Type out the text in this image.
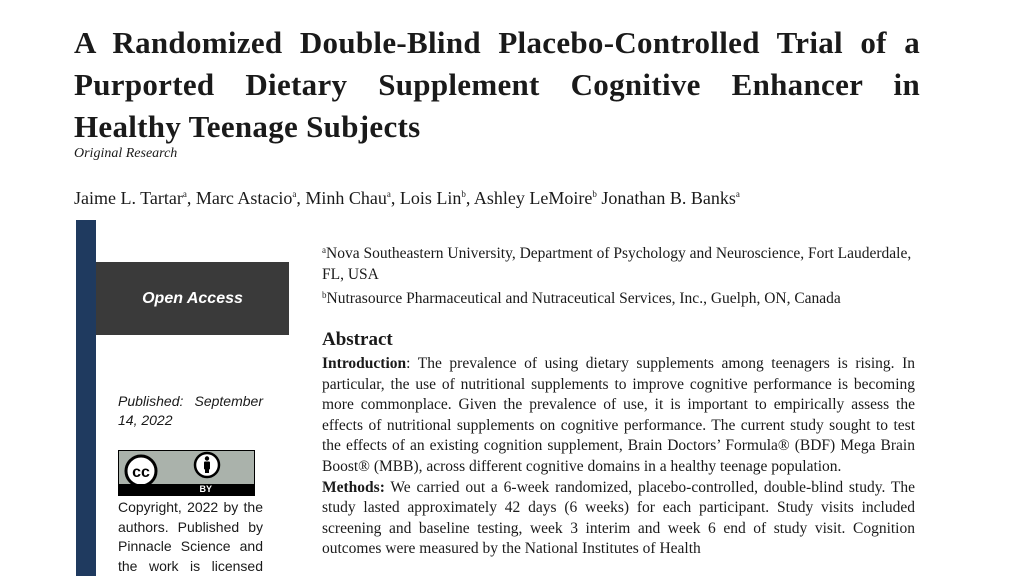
A Randomized Double-Blind Placebo-Controlled Trial of a Purported Dietary Supplement Cognitive Enhancer in Healthy Teenage Subjects
Original Research
Jaime L. Tartar$^a$, Marc Astacio$^a$, Minh Chau$^a$, Lois Lin$^b$, Ashley LeMoire$^b$ Jonathan B. Banks$^a$
Open Access
Published: September 14, 2022
cc
BY
Copyright, 2022 by the authors. Published by Pinnacle Science and the work is licensed

$^a$Nova Southeastern University, Department of Psychology and Neuroscience, Fort Lauderdale, FL, USA

$^b$Nutrasource Pharmaceutical and Nutraceutical Services, Inc., Guelph, ON, Canada

Abstract

Introduction: The prevalence of using dietary supplements among teenagers is rising. In particular, the use of nutritional supplements to improve cognitive performance is becoming more commonplace. Given the prevalence of use, it is important to empirically assess the effects of nutritional supplements on cognitive performance. The current study sought to test the effects of an existing cognition supplement, Brain Doctors’ Formula® (BDF) Mega Brain Boost® (MBB), across different cognitive domains in a healthy teenage population.

Methods: We carried out a 6-week randomized, placebo-controlled, double-blind study. The study lasted approximately 42 days (6 weeks) for each participant. Study visits included screening and baseline testing, week 3 interim and week 6 end of study visit. Cognition outcomes were measured by the National Institutes of Health
